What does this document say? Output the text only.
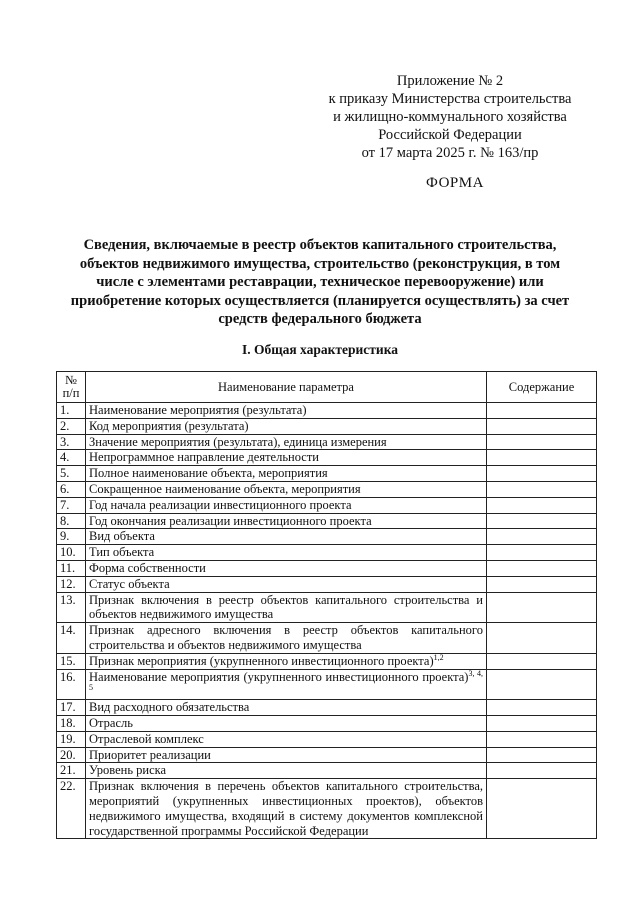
Приложение № 2
к приказу Министерства строительства
и жилищно-коммунального хозяйства
Российской Федерации
от 17 марта 2025 г. № 163/пр
ФОРМА
Сведения, включаемые в реестр объектов капитального строительства, объектов недвижимого имущества, строительство (реконструкция, в том числе с элементами реставрации, техническое перевооружение) или приобретение которых осуществляется (планируется осуществлять) за счет средств федерального бюджета
I. Общая характеристика
№ п/п	Наименование параметра	Содержание
1.	Наименование мероприятия (результата)	
2.	Код мероприятия (результата)	
3.	Значение мероприятия (результата), единица измерения	
4.	Непрограммное направление деятельности	
5.	Полное наименование объекта, мероприятия	
6.	Сокращенное наименование объекта, мероприятия	
7.	Год начала реализации инвестиционного проекта	
8.	Год окончания реализации инвестиционного проекта	
9.	Вид объекта	
10.	Тип объекта	
11.	Форма собственности	
12.	Статус объекта	
13.	Признак включения в реестр объектов капитального строительства и объектов недвижимого имущества	
14.	Признак адресного включения в реестр объектов капитального строительства и объектов недвижимого имущества	
15.	Признак мероприятия (укрупненного инвестиционного проекта)$^{1,2}$	
16.	Наименование мероприятия (укрупненного инвестиционного проекта)$^{3, 4, 5}$	
17.	Вид расходного обязательства	
18.	Отрасль	
19.	Отраслевой комплекс	
20.	Приоритет реализации	
21.	Уровень риска	
22.	Признак включения в перечень объектов капитального строительства, мероприятий (укрупненных инвестиционных проектов), объектов недвижимого имущества, входящий в систему документов комплексной государственной программы Российской Федерации	
